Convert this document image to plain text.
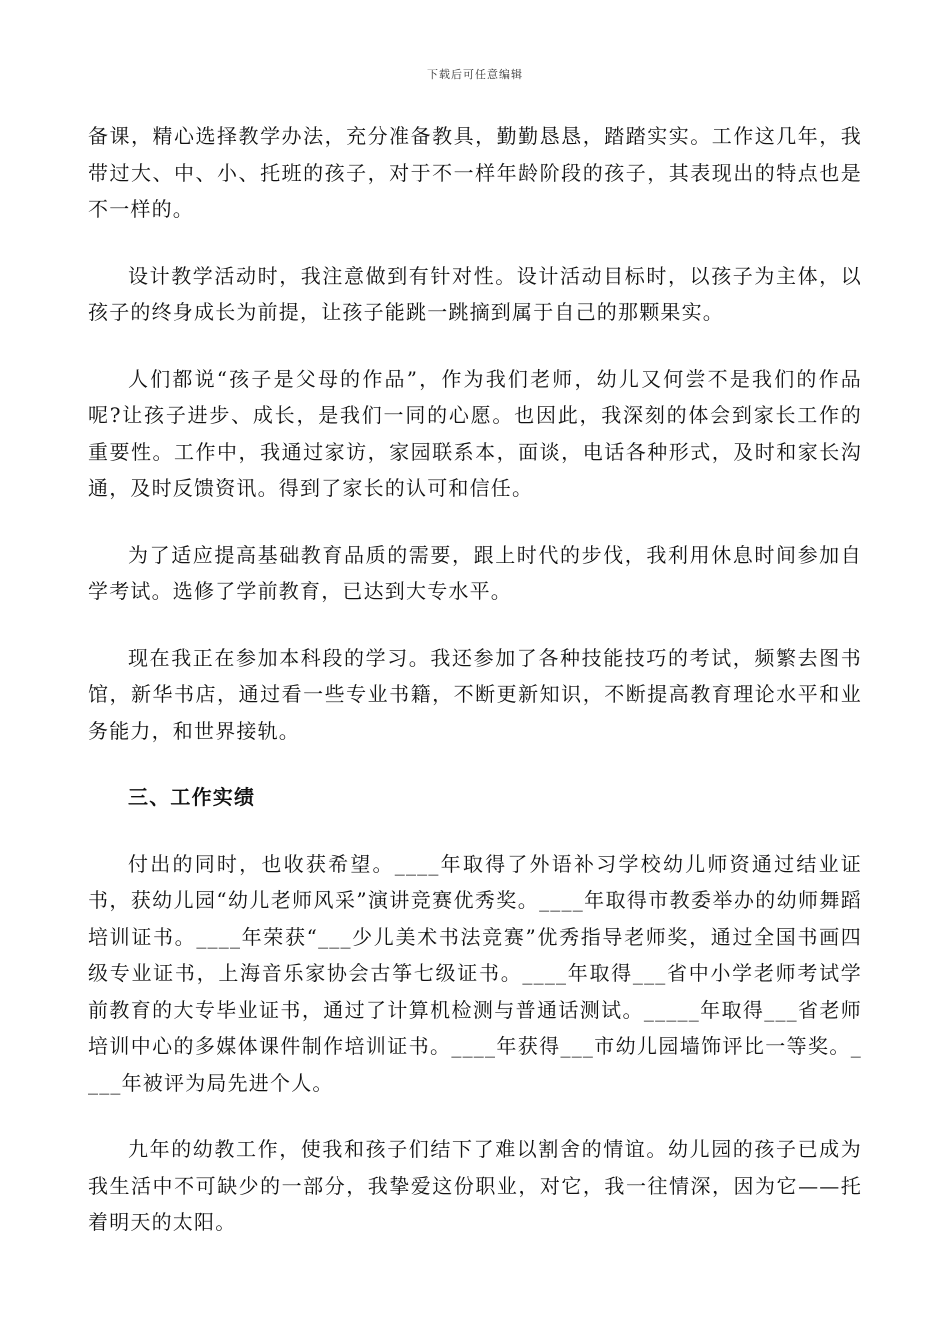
下载后可任意编辑

备课，精心选择教学办法，充分准备教具，勤勤恳恳，踏踏实实。工作这几年，我带过大、中、小、托班的孩子，对于不一样年龄阶段的孩子，其表现出的特点也是不一样的。

设计教学活动时，我注意做到有针对性。设计活动目标时，以孩子为主体，以孩子的终身成长为前提，让孩子能跳一跳摘到属于自己的那颗果实。

人们都说“孩子是父母的作品”，作为我们老师，幼儿又何尝不是我们的作品呢?让孩子进步、成长，是我们一同的心愿。也因此，我深刻的体会到家长工作的重要性。工作中，我通过家访，家园联系本，面谈，电话各种形式，及时和家长沟通，及时反馈资讯。得到了家长的认可和信任。

为了适应提高基础教育品质的需要，跟上时代的步伐，我利用休息时间参加自学考试。选修了学前教育，已达到大专水平。

现在我正在参加本科段的学习。我还参加了各种技能技巧的考试，频繁去图书馆，新华书店，通过看一些专业书籍，不断更新知识，不断提高教育理论水平和业务能力，和世界接轨。

三、工作实绩

付出的同时，也收获希望。____年取得了外语补习学校幼儿师资通过结业证书，获幼儿园“幼儿老师风采”演讲竞赛优秀奖。____年取得市教委举办的幼师舞蹈培训证书。____年荣获“___少儿美术书法竞赛”优秀指导老师奖，通过全国书画四级专业证书，上海音乐家协会古筝七级证书。____年取得___省中小学老师考试学前教育的大专毕业证书，通过了计算机检测与普通话测试。_____年取得___省老师培训中心的多媒体课件制作培训证书。____年获得___市幼儿园墙饰评比一等奖。____年被评为局先进个人。

九年的幼教工作，使我和孩子们结下了难以割舍的情谊。幼儿园的孩子已成为我生活中不可缺少的一部分，我挚爱这份职业，对它，我一往情深，因为它——托着明天的太阳。
